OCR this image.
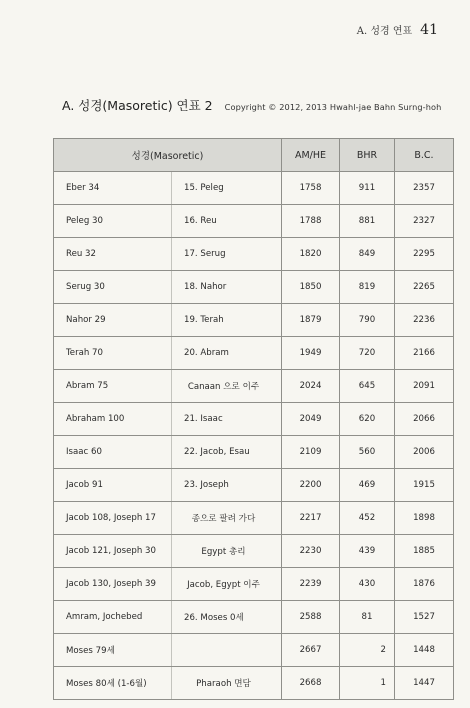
A. 성경 연표 41
A. 성경(Masoretic) 연표 2 Copyright © 2012, 2013 Hwahl-jae Bahn Surng-hoh
성경(Masoretic)		AM/HE	BHR	B.C.
Eber 34	15. Peleg	1758	911	2357
Peleg 30	16. Reu	1788	881	2327
Reu 32	17. Serug	1820	849	2295
Serug 30	18. Nahor	1850	819	2265
Nahor 29	19. Terah	1879	790	2236
Terah 70	20. Abram	1949	720	2166
Abram 75	Canaan 으로 이주	2024	645	2091
Abraham 100	21. Isaac	2049	620	2066
Isaac 60	22. Jacob, Esau	2109	560	2006
Jacob 91	23. Joseph	2200	469	1915
Jacob 108, Joseph 17	종으로 팔려 가다	2217	452	1898
Jacob 121, Joseph 30	Egypt 총리	2230	439	1885
Jacob 130, Joseph 39	Jacob, Egypt 이주	2239	430	1876
Amram, Jochebed	26. Moses 0세	2588	81	1527
Moses 79세		2667	2	1448
Moses 80세 (1-6월)	Pharaoh 면담	2668	1	1447
